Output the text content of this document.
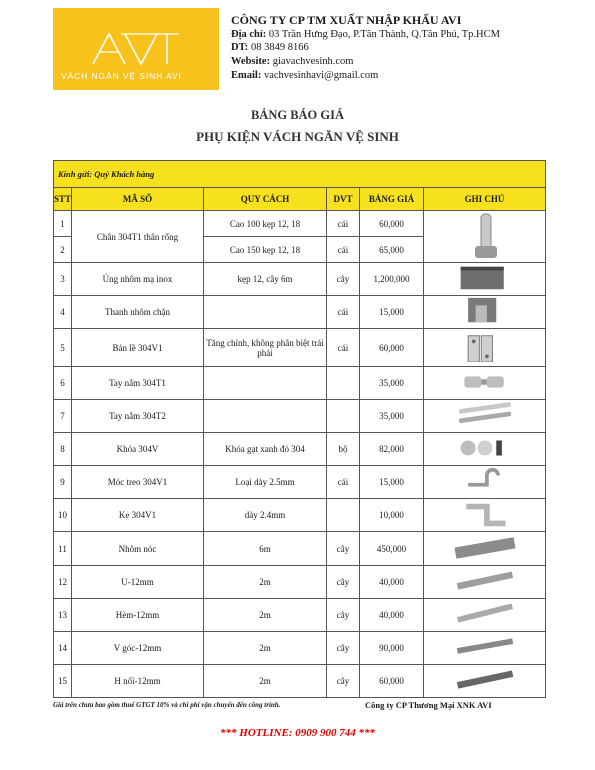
VÁCH NGĂN VỆ SINH AVI
CÔNG TY CP TM XUẤT NHẬP KHẨU AVI
Địa chỉ: 03 Trần Hưng Đạo, P.Tân Thành, Q.Tân Phú, Tp.HCM
DT: 08 3849 8166
Website: giavachvesinh.com
Email: vachvesinhavi@gmail.com
BẢNG BÁO GIÁ
PHỤ KIỆN VÁCH NGĂN VỆ SINH
Kính gửi: Quý Khách hàng					
STT	MÃ SỐ	QUY CÁCH	DVT	BẢNG GIÁ	GHI CHÚ
1	Chân 304T1 thân rổng	Cao 100 kẹp 12, 18	cái	60,000	
2		Cao 150 kẹp 12, 18	cái	65,000	
3	Ủng nhôm mạ inox	kẹp 12, cây 6m	cây	1,200,000	
4	Thanh nhôm chặn		cái	15,000	
5	Bản lề 304V1	Tăng chỉnh, không phân biệt trái phải	cái	60,000	
6	Tay nắm 304T1			35,000	
7	Tay nắm 304T2			35,000	
8	Khóa 304V	Khóa gạt xanh đỏ 304	bộ	82,000	
9	Móc treo 304V1	Loại dày 2.5mm	cái	15,000	
10	Ke 304V1	dày 2.4mm		10,000	
11	Nhôm nóc	6m	cây	450,000	
12	U-12mm	2m	cây	40,000	
13	Hèm-12mm	2m	cây	40,000	
14	V góc-12mm	2m	cây	90,000	
15	H nối-12mm	2m	cây	60,000	
Giá trên chưa bao gồm thuế GTGT 10% và chi phí vận chuyển đến công trình.	Công ty CP Thương Mại XNK AVI
*** HOTLINE: 0909 900 744 ***
